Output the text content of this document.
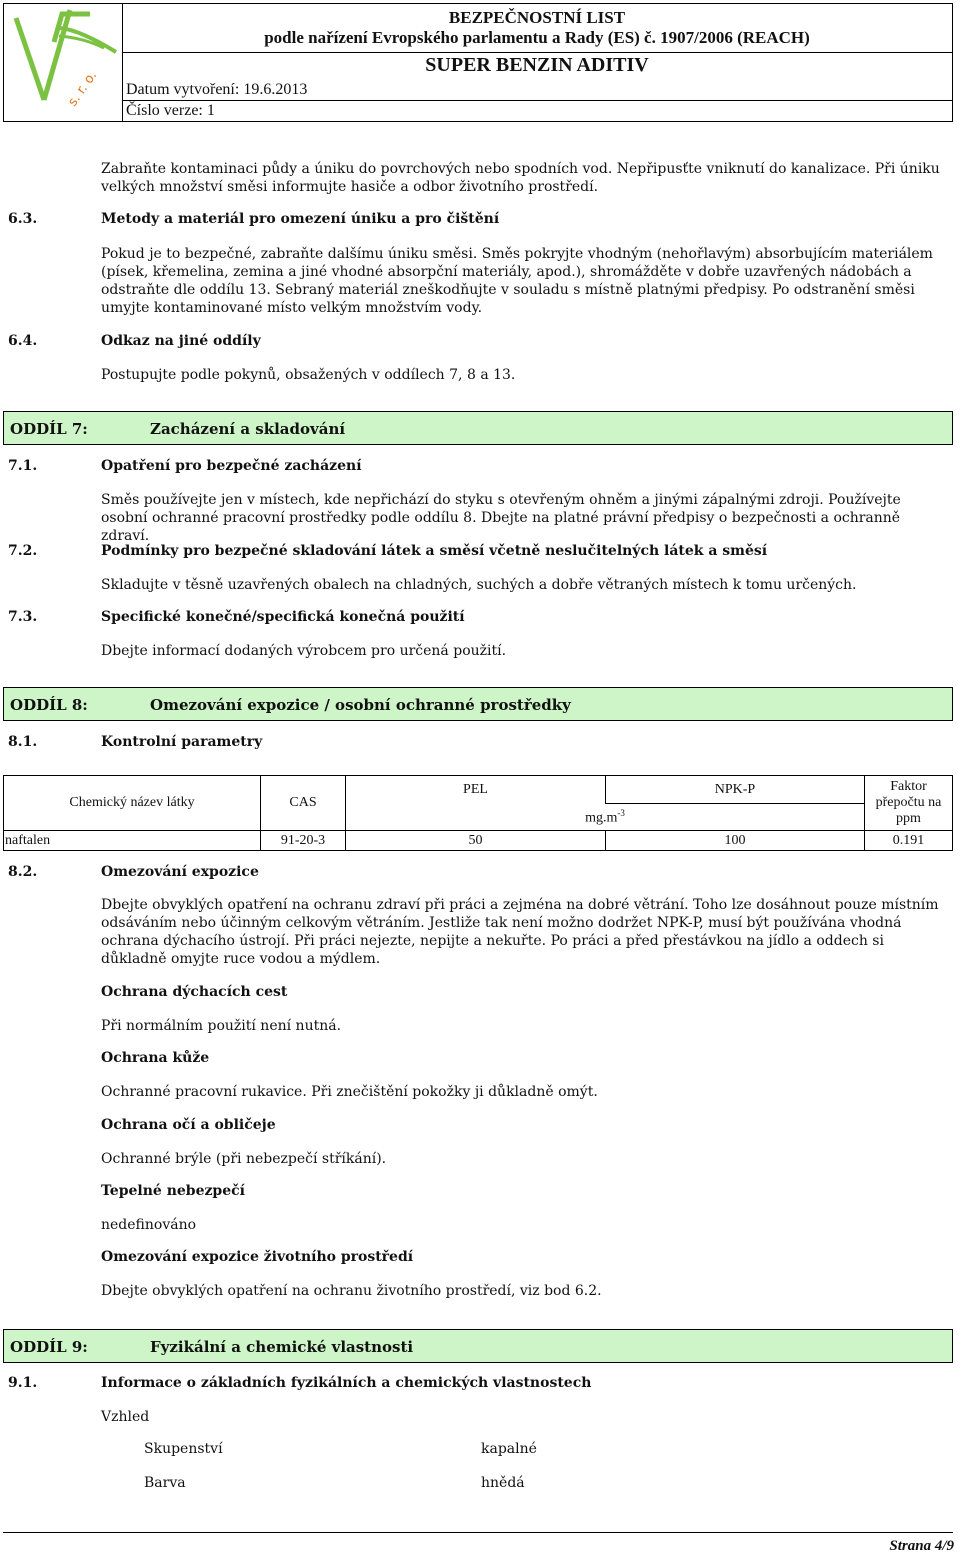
s. r. o.
BEZPEČNOSTNÍ LIST
podle nařízení Evropského parlamentu a Rady (ES) č. 1907/2006 (REACH)
SUPER BENZIN ADITIV
Datum vytvoření: 19.6.2013
Číslo verze: 1
Zabraňte kontaminaci půdy a úniku do povrchových nebo spodních vod. Nepřipusťte vniknutí do kanalizace. Při úniku velkých množství směsi informujte hasiče a odbor životního prostředí.
6.3.	Metody a materiál pro omezení úniku a pro čištění
Pokud je to bezpečné, zabraňte dalšímu úniku směsi. Směs pokryjte vhodným (nehořlavým) absorbujícím materiálem (písek, křemelina, zemina a jiné vhodné absorpční materiály, apod.), shromážděte v dobře uzavřených nádobách a odstraňte dle oddílu 13. Sebraný materiál zneškodňujte v souladu s místně platnými předpisy. Po odstranění směsi umyjte kontaminované místo velkým množstvím vody.
6.4.	Odkaz na jiné oddíly
Postupujte podle pokynů, obsažených v oddílech 7, 8 a 13.
ODDÍL 7:	Zacházení a skladování
7.1.	Opatření pro bezpečné zacházení
Směs používejte jen v místech, kde nepřichází do styku s otevřeným ohněm a jinými zápalnými zdroji. Používejte osobní ochranné pracovní prostředky podle oddílu 8. Dbejte na platné právní předpisy o bezpečnosti a ochranně zdraví.
7.2.	Podmínky pro bezpečné skladování látek a směsí včetně neslučitelných látek a směsí
Skladujte v těsně uzavřených obalech na chladných, suchých a dobře větraných místech k tomu určených.
7.3.	Specifické konečné/specifická konečná použití
Dbejte informací dodaných výrobcem pro určená použití.
ODDÍL 8:	Omezování expozice / osobní ochranné prostředky
8.1.	Kontrolní parametry
Chemický název látky	CAS	PEL	NPK-P	Faktor přepočtu na ppm
		$mg.m^{-3}$
naftalen	91-20-3	50	100	0.191
8.2.	Omezování expozice
Dbejte obvyklých opatření na ochranu zdraví při práci a zejména na dobré větrání. Toho lze dosáhnout pouze místním odsáváním nebo účinným celkovým větráním. Jestliže tak není možno dodržet NPK-P, musí být používána vhodná ochrana dýchacího ústrojí. Při práci nejezte, nepijte a nekuřte. Po práci a před přestávkou na jídlo a oddech si důkladně omyjte ruce vodou a mýdlem.
Ochrana dýchacích cest
Při normálním použití není nutná.
Ochrana kůže
Ochranné pracovní rukavice. Při znečištění pokožky ji důkladně omýt.
Ochrana očí a obličeje
Ochranné brýle (při nebezpečí stříkání).
Tepelné nebezpečí
nedefinováno
Omezování expozice životního prostředí
Dbejte obvyklých opatření na ochranu životního prostředí, viz bod 6.2.
ODDÍL 9:	Fyzikální a chemické vlastnosti
9.1.	Informace o základních fyzikálních a chemických vlastnostech
Vzhled
Skupenství	kapalné
Barva	hnědá
Strana 4/9
